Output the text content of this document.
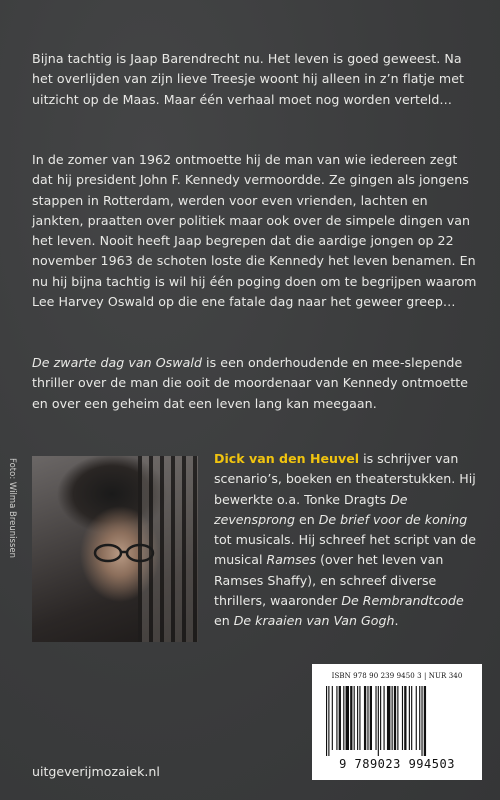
Bijna tachtig is Jaap Barendrecht nu. Het leven is goed geweest. Na het overlijden van zijn lieve Treesje woont hij alleen in z’n flatje met uitzicht op de Maas. Maar één verhaal moet nog worden verteld…

In de zomer van 1962 ontmoette hij de man van wie iedereen zegt dat hij president John F. Kennedy vermoordde. Ze gingen als jongens stappen in Rotterdam, werden voor even vrienden, lachten en jankten, praatten over politiek maar ook over de simpele dingen van het leven. Nooit heeft Jaap begrepen dat die aardige jongen op 22 november 1963 de schoten loste die Kennedy het leven benamen. En nu hij bijna tachtig is wil hij één poging doen om te begrijpen waarom Lee Harvey Oswald op die ene fatale dag naar het geweer greep…

De zwarte dag van Oswald is een onderhoudende en mee-slepende thriller over de man die ooit de moordenaar van Kennedy ontmoette en over een geheim dat een leven lang kan meegaan.

Foto: Wilma Breunissen	Dick van den Heuvel is schrijver van scenario’s, boeken en theaterstukken. Hij bewerkte o.a. Tonke Dragts De zevensprong en De brief voor de koning tot musicals. Hij schreef het script van de musical Ramses (over het leven van Ramses Shaffy), en schreef diverse thrillers, waaronder De Rembrandtcode en De kraaien van Van Gogh.

ISBN 978 90 239 9450 3 | NUR 340
9 789023 994503
uitgeverijmozaiek.nl
